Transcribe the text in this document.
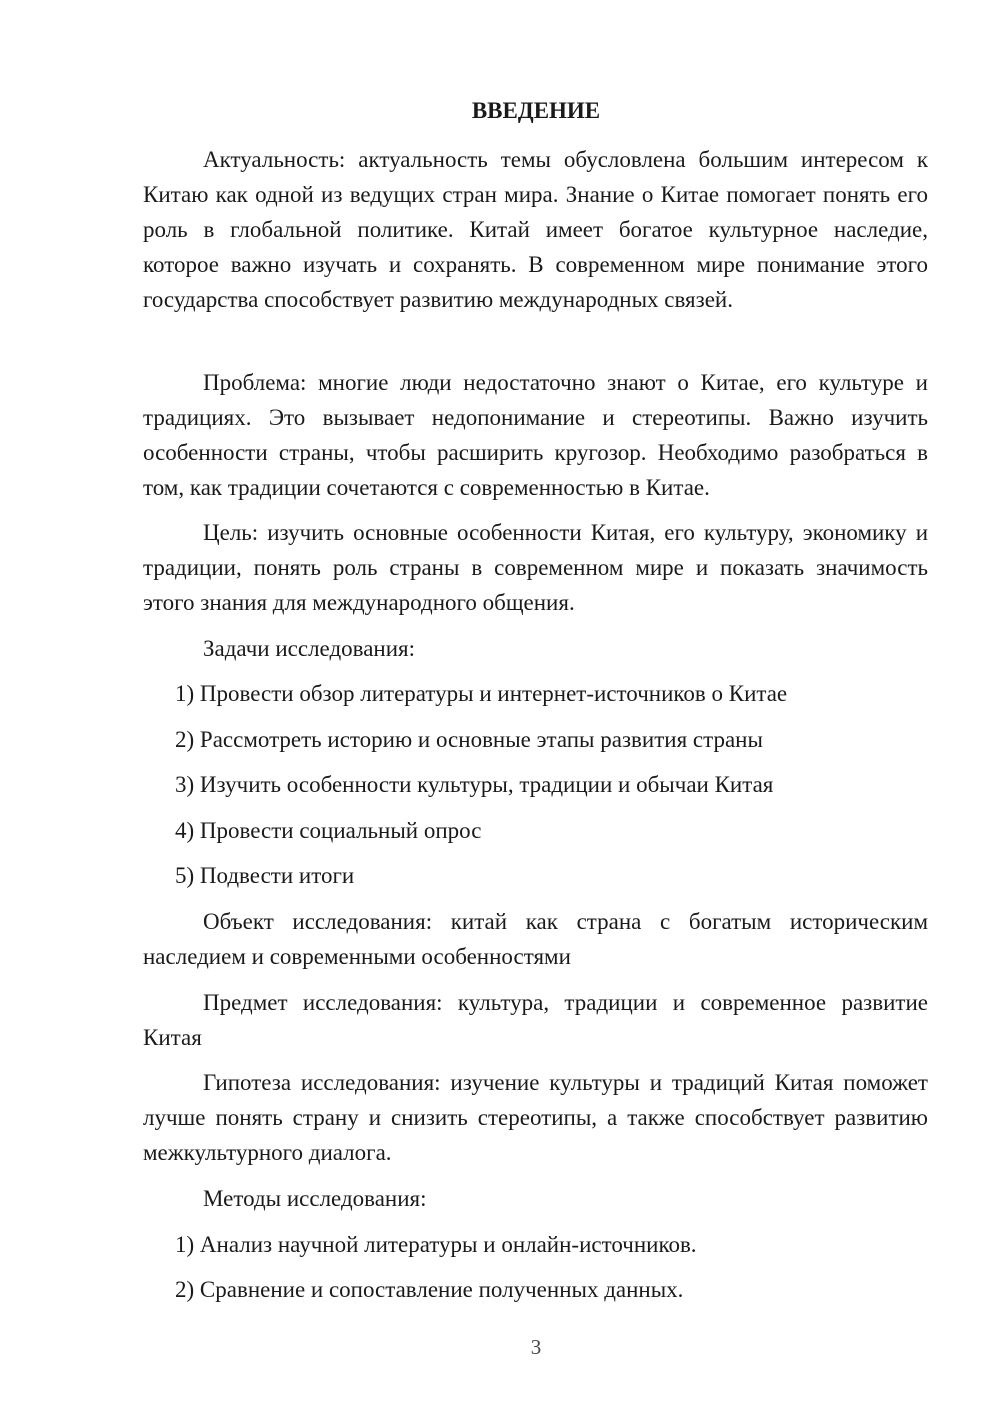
ВВЕДЕНИЕ

Актуальность: актуальность темы обусловлена большим интересом к Китаю как одной из ведущих стран мира. Знание о Китае помогает понять его роль в глобальной политике. Китай имеет богатое культурное наследие, которое важно изучать и сохранять. В современном мире понимание этого государства способствует развитию международных связей.

Проблема: многие люди недостаточно знают о Китае, его культуре и традициях. Это вызывает недопонимание и стереотипы. Важно изучить особенности страны, чтобы расширить кругозор. Необходимо разобраться в том, как традиции сочетаются с современностью в Китае.

Цель: изучить основные особенности Китая, его культуру, экономику и традиции, понять роль страны в современном мире и показать значимость этого знания для международного общения.

Задачи исследования:

1) Провести обзор литературы и интернет-источников о Китае

2) Рассмотреть историю и основные этапы развития страны

3) Изучить особенности культуры, традиции и обычаи Китая

4) Провести социальный опрос

5) Подвести итоги

Объект исследования: китай как страна с богатым историческим наследием и современными особенностями

Предмет исследования: культура, традиции и современное развитие Китая

Гипотеза исследования: изучение культуры и традиций Китая поможет лучше понять страну и снизить стереотипы, а также способствует развитию межкультурного диалога.

Методы исследования:

1) Анализ научной литературы и онлайн-источников.

2) Сравнение и сопоставление полученных данных.

3
